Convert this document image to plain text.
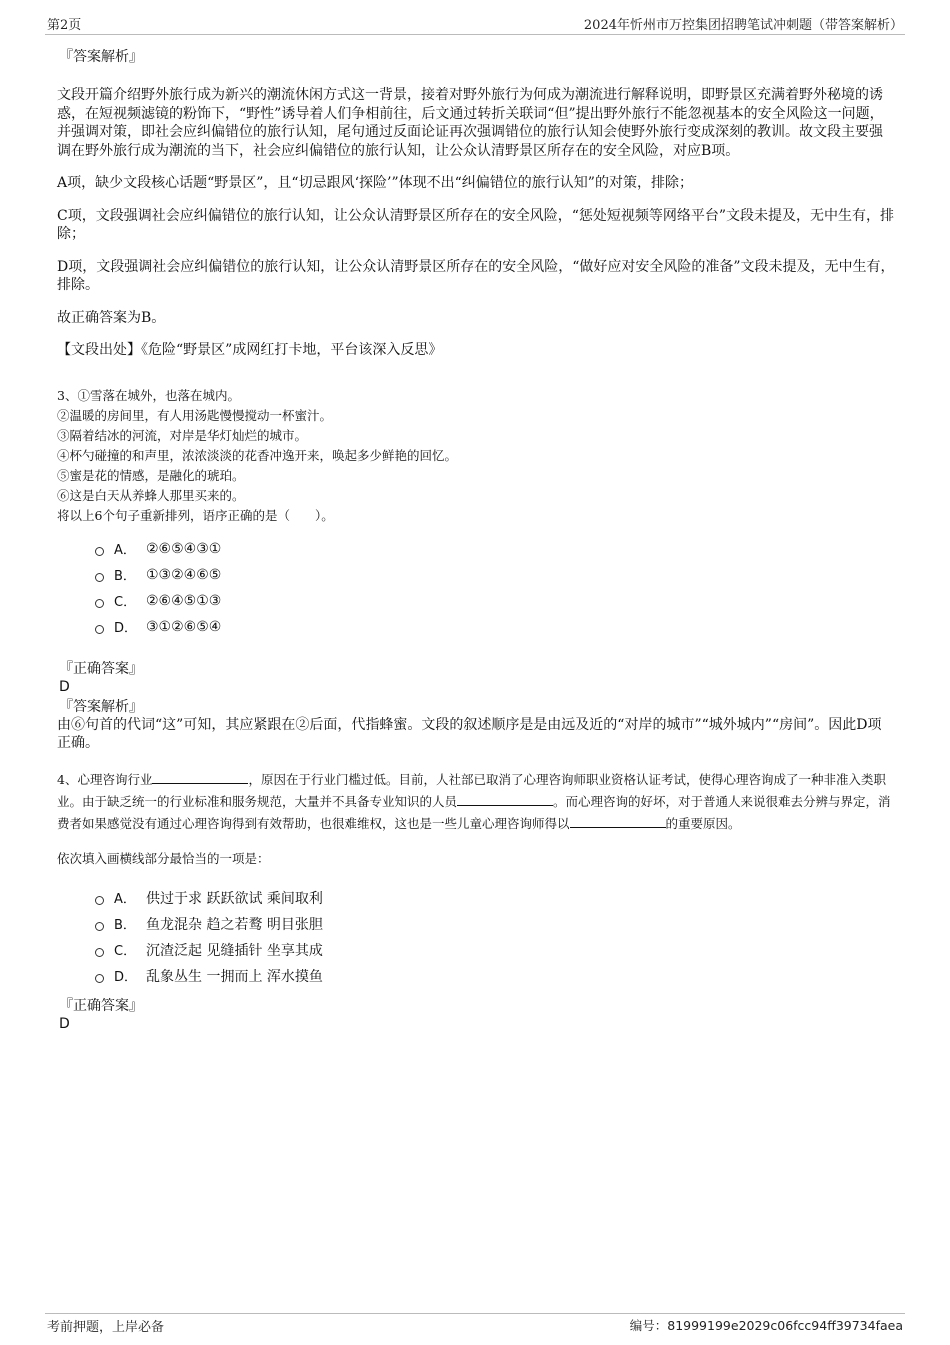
第2页	2024年忻州市万控集团招聘笔试冲刺题（带答案解析）
『答案解析』

文段开篇介绍野外旅行成为新兴的潮流休闲方式这一背景，接着对野外旅行为何成为潮流进行解释说明，即野景区充满着野外秘境的诱惑，在短视频滤镜的粉饰下，“野性”诱导着人们争相前往，后文通过转折关联词“但”提出野外旅行不能忽视基本的安全风险这一问题，并强调对策，即社会应纠偏错位的旅行认知，尾句通过反面论证再次强调错位的旅行认知会使野外旅行变成深刻的教训。故文段主要强调在野外旅行成为潮流的当下，社会应纠偏错位的旅行认知，让公众认清野景区所存在的安全风险，对应B项。

A项，缺少文段核心话题“野景区”，且“切忌跟风‘探险’”体现不出“纠偏错位的旅行认知”的对策，排除；

C项，文段强调社会应纠偏错位的旅行认知，让公众认清野景区所存在的安全风险，“惩处短视频等网络平台”文段未提及，无中生有，排除；

D项，文段强调社会应纠偏错位的旅行认知，让公众认清野景区所存在的安全风险，“做好应对安全风险的准备”文段未提及，无中生有，排除。

故正确答案为B。

【文段出处】《危险“野景区”成网红打卡地，平台该深入反思》

3、①雪落在城外，也落在城内。

②温暖的房间里，有人用汤匙慢慢搅动一杯蜜汁。

③隔着结冰的河流，对岸是华灯灿烂的城市。

④杯勺碰撞的和声里，浓浓淡淡的花香冲逸开来，唤起多少鲜艳的回忆。

⑤蜜是花的情感，是融化的琥珀。

⑥这是白天从养蜂人那里买来的。

将以上6个句子重新排列，语序正确的是（　　）。

A． ②⑥⑤④③①
B． ①③②④⑥⑤
C． ②⑥④⑤①③
D． ③①②⑥⑤④
『正确答案』
D
『答案解析』

由⑥句首的代词“这”可知，其应紧跟在②后面，代指蜂蜜。文段的叙述顺序是是由远及近的“对岸的城市”“城外城内”“房间”。因此D项正确。

4、心理咨询行业	，原因在于行业门槛过低。目前，人社部已取消了心理咨询师职业资格认证考试，使得心理咨询成了一种非准入类职业。由于缺乏统一的行业标准和服务规范，大量并不具备专业知识的人员	。而心理咨询的好坏，对于普通人来说很难去分辨与界定，消费者如果感觉没有通过心理咨询得到有效帮助，也很难维权，这也是一些儿童心理咨询师得以	的重要原因。

依次填入画横线部分最恰当的一项是：

A． 供过于求 跃跃欲试 乘间取利
B． 鱼龙混杂 趋之若鹜 明目张胆
C． 沉渣泛起 见缝插针 坐享其成
D． 乱象丛生 一拥而上 浑水摸鱼
『正确答案』
D
考前押题，上岸必备	编号：81999199e2029c06fcc94ff39734faea
